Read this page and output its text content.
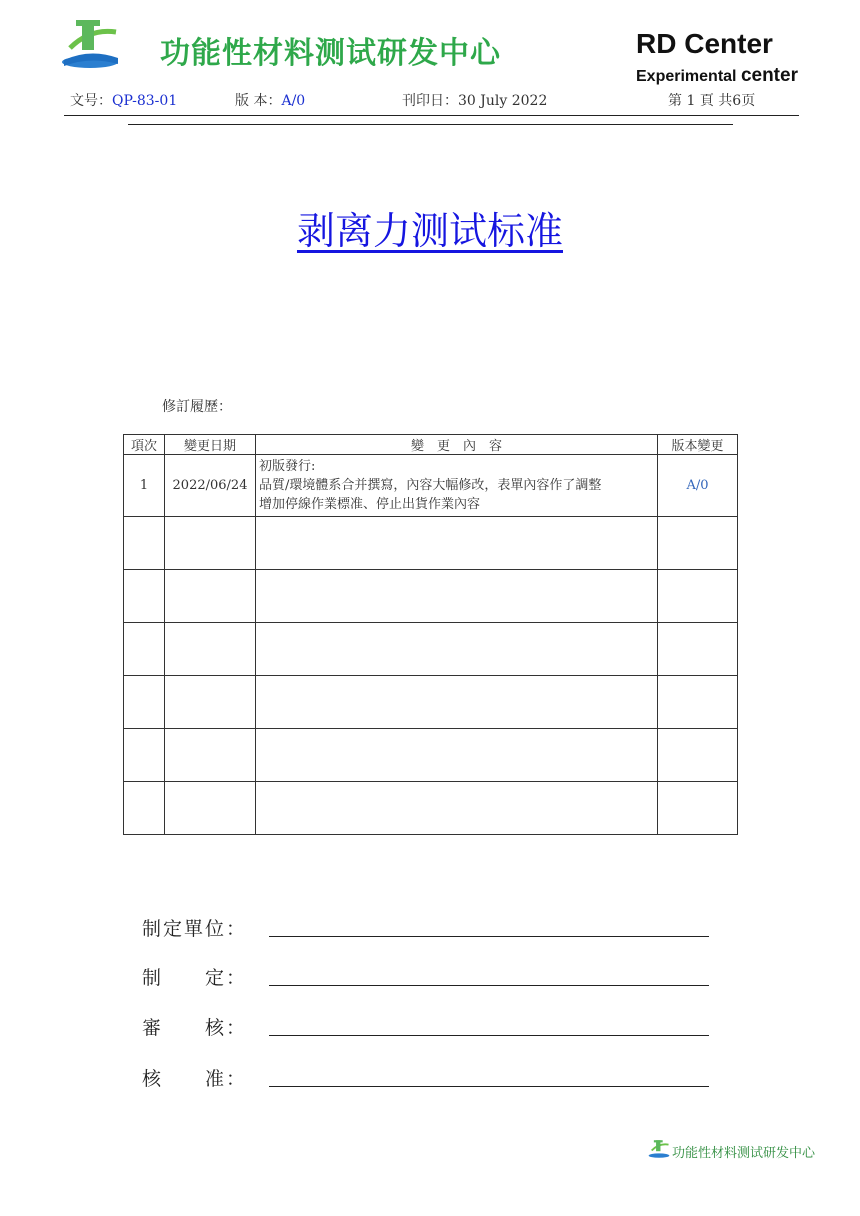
功能性材料测试研发中心	RD Center
Experimental center
文号：QP-83-01	版 本：A/0	刊印日：30 July 2022	第 1 頁 共6页
剥离力测试标准
修訂履歷：
項次	變更日期	變　更　內　容	版本變更
1	2022/06/24	初版發行:
品質/環境體系合并撰寫，內容大幅修改，表單內容作了調整
增加停線作業標准、停止出貨作業內容	A/0

制定單位：
制　　定：
審　　核：
核　　准：
功能性材料测试研发中心
